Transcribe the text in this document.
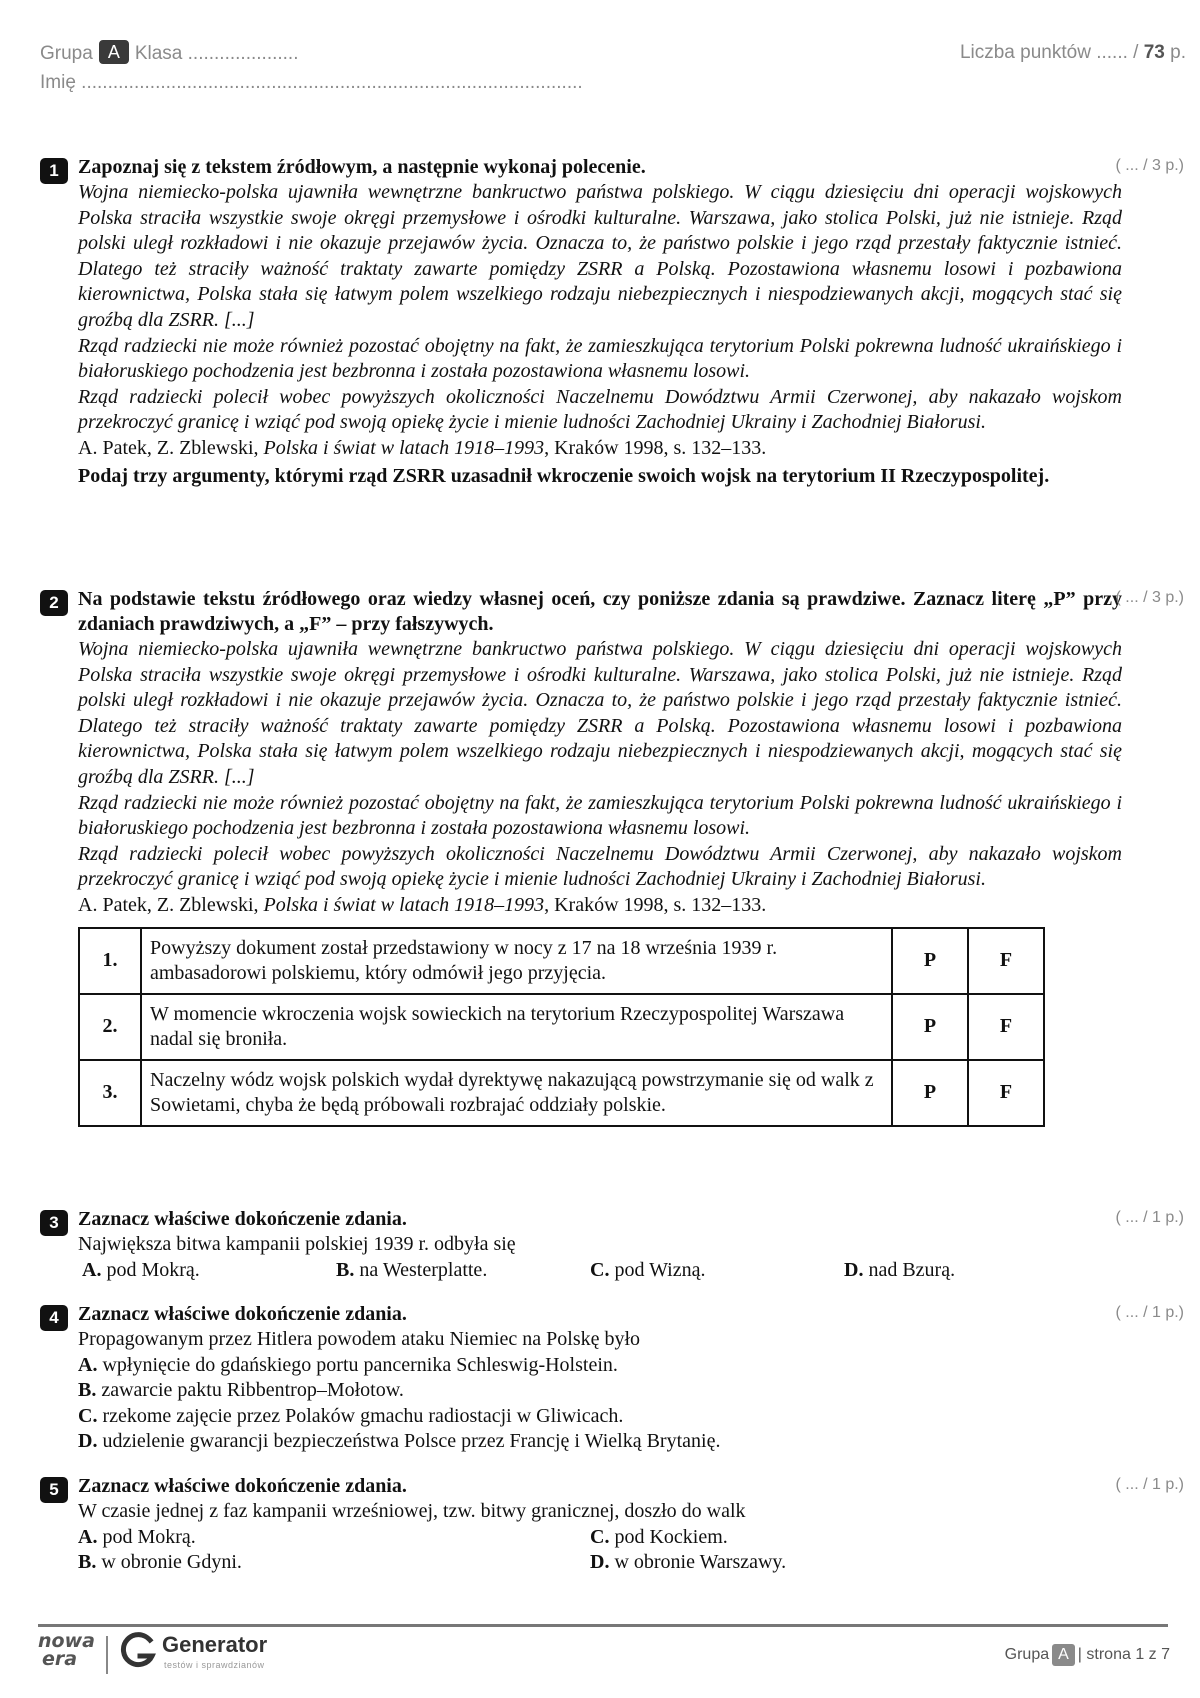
Grupa A Klasa .....................
Imię ...............................................................................................
Liczba punktów ...... / 73 p.
1	( ... / 3 p.)
Zapoznaj się z tekstem źródłowym, a następnie wykonaj polecenie.
Wojna niemiecko-polska ujawniła wewnętrzne bankructwo państwa polskiego. W ciągu dziesięciu dni operacji wojskowych Polska straciła wszystkie swoje okręgi przemysłowe i ośrodki kulturalne. Warszawa, jako stolica Polski, już nie istnieje. Rząd polski uległ rozkładowi i nie okazuje przejawów życia. Oznacza to, że państwo polskie i jego rząd przestały faktycznie istnieć. Dlatego też straciły ważność traktaty zawarte pomiędzy ZSRR a Polską. Pozostawiona własnemu losowi i pozbawiona kierownictwa, Polska stała się łatwym polem wszelkiego rodzaju niebezpiecznych i niespodziewanych akcji, mogących stać się groźbą dla ZSRR. [...]
Rząd radziecki nie może również pozostać obojętny na fakt, że zamieszkująca terytorium Polski pokrewna ludność ukraińskiego i białoruskiego pochodzenia jest bezbronna i została pozostawiona własnemu losowi.
Rząd radziecki polecił wobec powyższych okoliczności Naczelnemu Dowództwu Armii Czerwonej, aby nakazało wojskom przekroczyć granicę i wziąć pod swoją opiekę życie i mienie ludności Zachodniej Ukrainy i Zachodniej Białorusi.
A. Patek, Z. Zblewski, Polska i świat w latach 1918–1993, Kraków 1998, s. 132–133.
Podaj trzy argumenty, którymi rząd ZSRR uzasadnił wkroczenie swoich wojsk na terytorium II Rzeczypospolitej.
2	( ... / 3 p.)
Na podstawie tekstu źródłowego oraz wiedzy własnej oceń, czy poniższe zdania są prawdziwe. Zaznacz literę „P” przy zdaniach prawdziwych, a „F” – przy fałszywych.
Wojna niemiecko-polska ujawniła wewnętrzne bankructwo państwa polskiego. W ciągu dziesięciu dni operacji wojskowych Polska straciła wszystkie swoje okręgi przemysłowe i ośrodki kulturalne. Warszawa, jako stolica Polski, już nie istnieje. Rząd polski uległ rozkładowi i nie okazuje przejawów życia. Oznacza to, że państwo polskie i jego rząd przestały faktycznie istnieć. Dlatego też straciły ważność traktaty zawarte pomiędzy ZSRR a Polską. Pozostawiona własnemu losowi i pozbawiona kierownictwa, Polska stała się łatwym polem wszelkiego rodzaju niebezpiecznych i niespodziewanych akcji, mogących stać się groźbą dla ZSRR. [...]
Rząd radziecki nie może również pozostać obojętny na fakt, że zamieszkująca terytorium Polski pokrewna ludność ukraińskiego i białoruskiego pochodzenia jest bezbronna i została pozostawiona własnemu losowi.
Rząd radziecki polecił wobec powyższych okoliczności Naczelnemu Dowództwu Armii Czerwonej, aby nakazało wojskom przekroczyć granicę i wziąć pod swoją opiekę życie i mienie ludności Zachodniej Ukrainy i Zachodniej Białorusi.
A. Patek, Z. Zblewski, Polska i świat w latach 1918–1993, Kraków 1998, s. 132–133.
1.	Powyższy dokument został przedstawiony w nocy z 17 na 18 września 1939 r. ambasadorowi polskiemu, który odmówił jego przyjęcia.	P	F
2.	W momencie wkroczenia wojsk sowieckich na terytorium Rzeczypospolitej Warszawa nadal się broniła.	P	F
3.	Naczelny wódz wojsk polskich wydał dyrektywę nakazującą powstrzymanie się od walk z Sowietami, chyba że będą próbowali rozbrajać oddziały polskie.	P	F
3	( ... / 1 p.)
Zaznacz właściwe dokończenie zdania.
Największa bitwa kampanii polskiej 1939 r. odbyła się
A. pod Mokrą.	B. na Westerplatte.	C. pod Wizną.	D. nad Bzurą.
4	( ... / 1 p.)
Zaznacz właściwe dokończenie zdania.
Propagowanym przez Hitlera powodem ataku Niemiec na Polskę było
A. wpłynięcie do gdańskiego portu pancernika Schleswig-Holstein.
B. zawarcie paktu Ribbentrop–Mołotow.
C. rzekome zajęcie przez Polaków gmachu radiostacji w Gliwicach.
D. udzielenie gwarancji bezpieczeństwa Polsce przez Francję i Wielką Brytanię.
5	( ... / 1 p.)
Zaznacz właściwe dokończenie zdania.
W czasie jednej z faz kampanii wrześniowej, tzw. bitwy granicznej, doszło do walk
A. pod Mokrą.	C. pod Kockiem.
B. w obronie Gdyni.	D. w obronie Warszawy.
nowa
era
Generator
testów i sprawdzianów
Grupa A | strona 1 z 7
